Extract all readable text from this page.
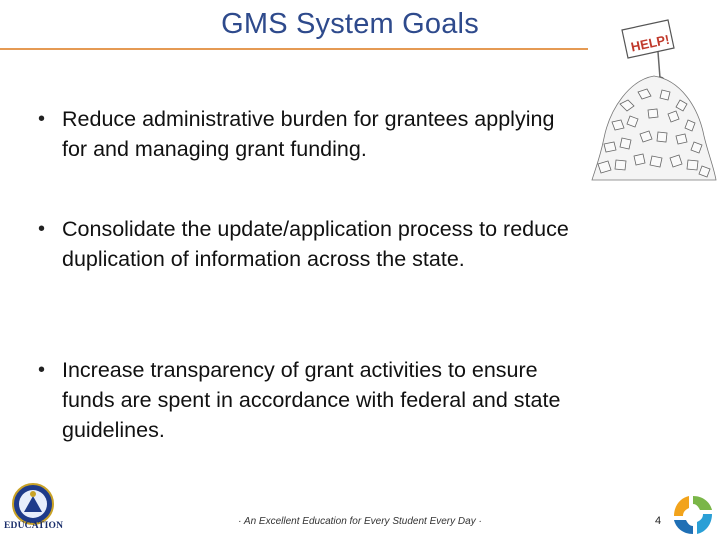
GMS System Goals
• Reduce administrative burden for grantees applying for and managing grant funding.
• Consolidate the update/application process to reduce duplication of information across the state.
• Increase transparency of grant activities to ensure funds are spent in accordance with federal and state guidelines.
HELP!
EDUCATION	· An Excellent Education for Every Student Every Day ·	4
